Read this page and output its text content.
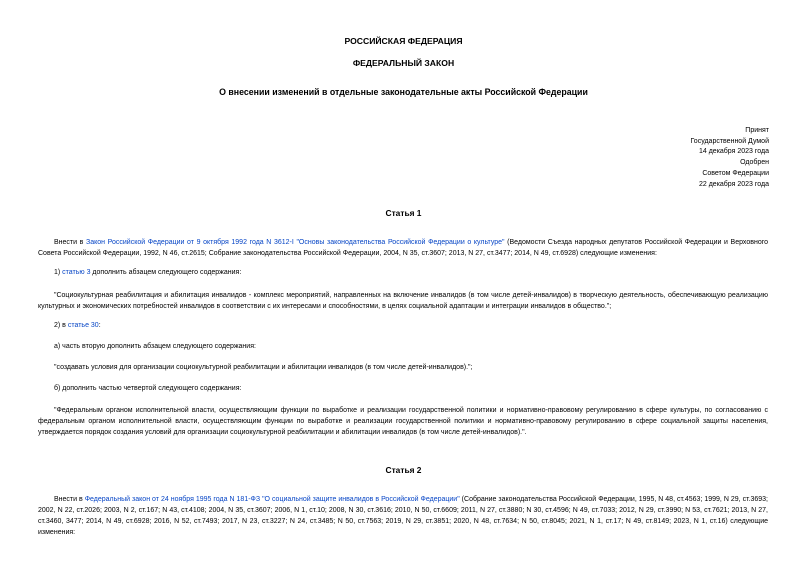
РОССИЙСКАЯ ФЕДЕРАЦИЯ
ФЕДЕРАЛЬНЫЙ ЗАКОН
О внесении изменений в отдельные законодательные акты Российской Федерации
Принят
Государственной Думой
14 декабря 2023 года
Одобрен
Советом Федерации
22 декабря 2023 года
Статья 1
Внести в Закон Российской Федерации от 9 октября 1992 года N 3612-I "Основы законодательства Российской Федерации о культуре" (Ведомости Съезда народных депутатов Российской Федерации и Верховного Совета Российской Федерации, 1992, N 46, ст.2615; Собрание законодательства Российской Федерации, 2004, N 35, ст.3607; 2013, N 27, ст.3477; 2014, N 49, ст.6928) следующие изменения:
1) статью 3 дополнить абзацем следующего содержания:
"Социокультурная реабилитация и абилитация инвалидов - комплекс мероприятий, направленных на включение инвалидов (в том числе детей-инвалидов) в творческую деятельность, обеспечивающую реализацию культурных и экономических потребностей инвалидов в соответствии с их интересами и способностями, в целях социальной адаптации и интеграции инвалидов в общество.";
2) в статье 30:
а) часть вторую дополнить абзацем следующего содержания:
"создавать условия для организации социокультурной реабилитации и абилитации инвалидов (в том числе детей-инвалидов).";
б) дополнить частью четвертой следующего содержания:
"Федеральным органом исполнительной власти, осуществляющим функции по выработке и реализации государственной политики и нормативно-правовому регулированию в сфере культуры, по согласованию с федеральным органом исполнительной власти, осуществляющим функции по выработке и реализации государственной политики и нормативно-правовому регулированию в сфере социальной защиты населения, утверждается порядок создания условий для организации социокультурной реабилитации и абилитации инвалидов (в том числе детей-инвалидов).".
Статья 2
Внести в Федеральный закон от 24 ноября 1995 года N 181-ФЗ "О социальной защите инвалидов в Российской Федерации" (Собрание законодательства Российской Федерации, 1995, N 48, ст.4563; 1999, N 29, ст.3693; 2002, N 22, ст.2026; 2003, N 2, ст.167; N 43, ст.4108; 2004, N 35, ст.3607; 2006, N 1, ст.10; 2008, N 30, ст.3616; 2010, N 50, ст.6609; 2011, N 27, ст.3880; N 30, ст.4596; N 49, ст.7033; 2012, N 29, ст.3990; N 53, ст.7621; 2013, N 27, ст.3460, 3477; 2014, N 49, ст.6928; 2016, N 52, ст.7493; 2017, N 23, ст.3227; N 24, ст.3485; N 50, ст.7563; 2019, N 29, ст.3851; 2020, N 48, ст.7634; N 50, ст.8045; 2021, N 1, ст.17; N 49, ст.8149; 2023, N 1, ст.16) следующие изменения:
